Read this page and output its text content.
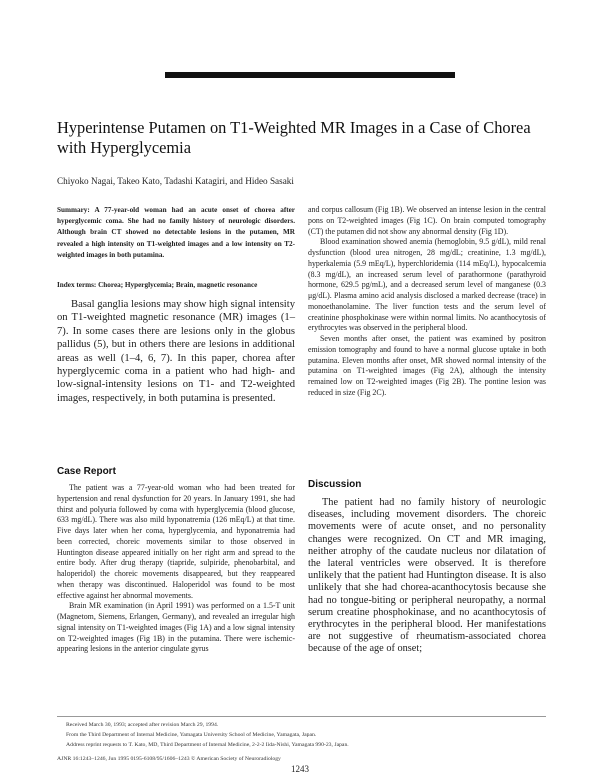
Hyperintense Putamen on T1-Weighted MR Images in a Case of Chorea with Hyperglycemia
Chiyoko Nagai, Takeo Kato, Tadashi Katagiri, and Hideo Sasaki
Summary: A 77-year-old woman had an acute onset of chorea after hyperglycemic coma. She had no family history of neurologic disorders. Although brain CT showed no detectable lesions in the putamen, MR revealed a high intensity on T1-weighted images and a low intensity on T2-weighted images in both putamina.
Index terms: Chorea; Hyperglycemia; Brain, magnetic resonance
Basal ganglia lesions may show high signal intensity on T1-weighted magnetic resonance (MR) images (1–7). In some cases there are lesions only in the globus pallidus (5), but in others there are lesions in additional areas as well (1–4, 6, 7). In this paper, chorea after hyperglycemic coma in a patient who had high- and low-signal-intensity lesions on T1- and T2-weighted images, respectively, in both putamina is presented.
Case Report

The patient was a 77-year-old woman who had been treated for hypertension and renal dysfunction for 20 years. In January 1991, she had thirst and polyuria followed by coma with hyperglycemia (blood glucose, 633 mg/dL). There was also mild hyponatremia (126 mEq/L) at that time. Five days later when her coma, hyperglycemia, and hyponatremia had been corrected, choreic movements similar to those observed in Huntington disease appeared initially on her right arm and spread to the entire body. After drug therapy (tiapride, sulpiride, phenobarbital, and haloperidol) the choreic movements disappeared, but they reappeared when therapy was discontinued. Haloperidol was found to be most effective against her abnormal movements.

Brain MR examination (in April 1991) was performed on a 1.5-T unit (Magnetom, Siemens, Erlangen, Germany), and revealed an irregular high signal intensity on T1-weighted images (Fig 1A) and a low signal intensity on T2-weighted images (Fig 1B) in the putamina. There were ischemic-appearing lesions in the anterior cingulate gyrus

and corpus callosum (Fig 1B). We observed an intense lesion in the central pons on T2-weighted images (Fig 1C). On brain computed tomography (CT) the putamen did not show any abnormal density (Fig 1D).

Blood examination showed anemia (hemoglobin, 9.5 g/dL), mild renal dysfunction (blood urea nitrogen, 28 mg/dL; creatinine, 1.3 mg/dL), hyperkalemia (5.9 mEq/L), hyperchloridemia (114 mEq/L), hypocalcemia (8.3 mg/dL), an increased serum level of parathormone (parathyroid hormone, 629.5 pg/mL), and a decreased serum level of manganese (0.3 μg/dL). Plasma amino acid analysis disclosed a marked decrease (trace) in monoethanolamine. The liver function tests and the serum level of creatinine phosphokinase were within normal limits. No acanthocytosis of erythrocytes was observed in the peripheral blood.

Seven months after onset, the patient was examined by positron emission tomography and found to have a normal glucose uptake in both putamina. Eleven months after onset, MR showed normal intensity of the putamina on T1-weighted images (Fig 2A), although the intensity remained low on T2-weighted images (Fig 2B). The pontine lesion was reduced in size (Fig 2C).

Discussion
The patient had no family history of neurologic diseases, including movement disorders. The choreic movements were of acute onset, and no personality changes were recognized. On CT and MR imaging, neither atrophy of the caudate nucleus nor dilatation of the lateral ventricles were observed. It is therefore unlikely that the patient had Huntington disease. It is also unlikely that she had chorea-acanthocytosis because she had no tongue-biting or peripheral neuropathy, a normal serum creatine phosphokinase, and no acanthocytosis of erythrocytes in the peripheral blood. Her manifestations are not suggestive of rheumatism-associated chorea because of the age of onset;
Received March 30, 1993; accepted after revision March 29, 1994.
From the Third Department of Internal Medicine, Yamagata University School of Medicine, Yamagata, Japan.
Address reprint requests to T. Kato, MD, Third Department of Internal Medicine, 2-2-2 Iida-Nishi, Yamagata 990-23, Japan.
AJNR 16:1243–1246, Jun 1995 0195-6108/95/1606–1243 © American Society of Neuroradiology
1243
